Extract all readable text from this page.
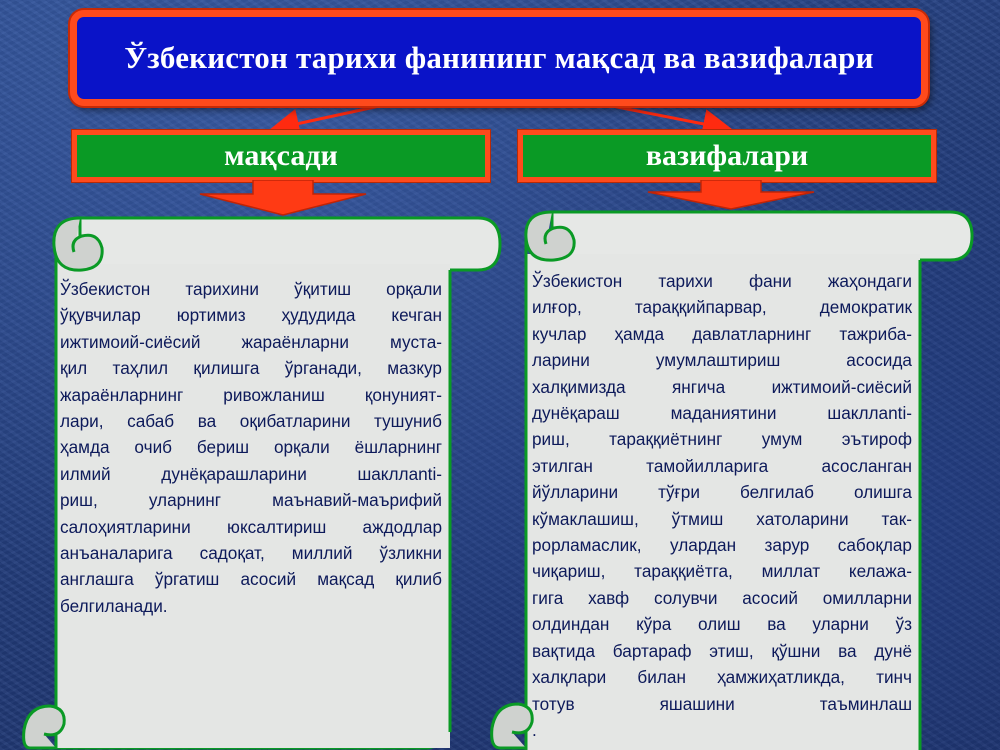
Ўзбекистон тарихи фанининг мақсад ва вазифалари
мақсади	вазифалари
Ўзбекистон тарихини ўқитиш орқали
ўқувчилар юртимиз ҳудудида кечган
ижтимоий-сиёсий жараёнларни муста-
қил таҳлил қилишга ўрганади, мазкур
жараёнларнинг ривожланиш қонуният-
лари, сабаб ва оқибатларини тушуниб
ҳамда очиб бериш орқали ёшларнинг
илмий дунёқарашларини шакллanti-
риш, уларнинг маънавий-маърифий
салоҳиятларини юксалтириш аждодлар
анъаналарига садоқат, миллий ўзликни
англашга ўргатиш асосий мақсад қилиб
белгиланади.
Ўзбекистон тарихи фани жаҳондаги
илғор, тараққийпарвар, демократик
кучлар ҳамда давлатларнинг тажриба-
ларини умумлаштириш асосида
халқимизда янгича ижтимоий-сиёсий
дунёқараш маданиятини шакллanti-
риш, тараққиётнинг умум эътироф
этилган тамойилларига асосланган
йўлларини тўғри белгилаб олишга
кўмаклашиш, ўтмиш хатоларини так-
рорламаслик, улардан зарур сабоқлар
чиқариш, тараққиётга, миллат келажа-
гига хавф солувчи асосий омилларни
олдиндан кўра олиш ва уларни ўз
вақтида бартараф этиш, қўшни ва дунё
халқлари билан ҳамжиҳатликда, тинч
тотув яшашини таъминлаш
.
